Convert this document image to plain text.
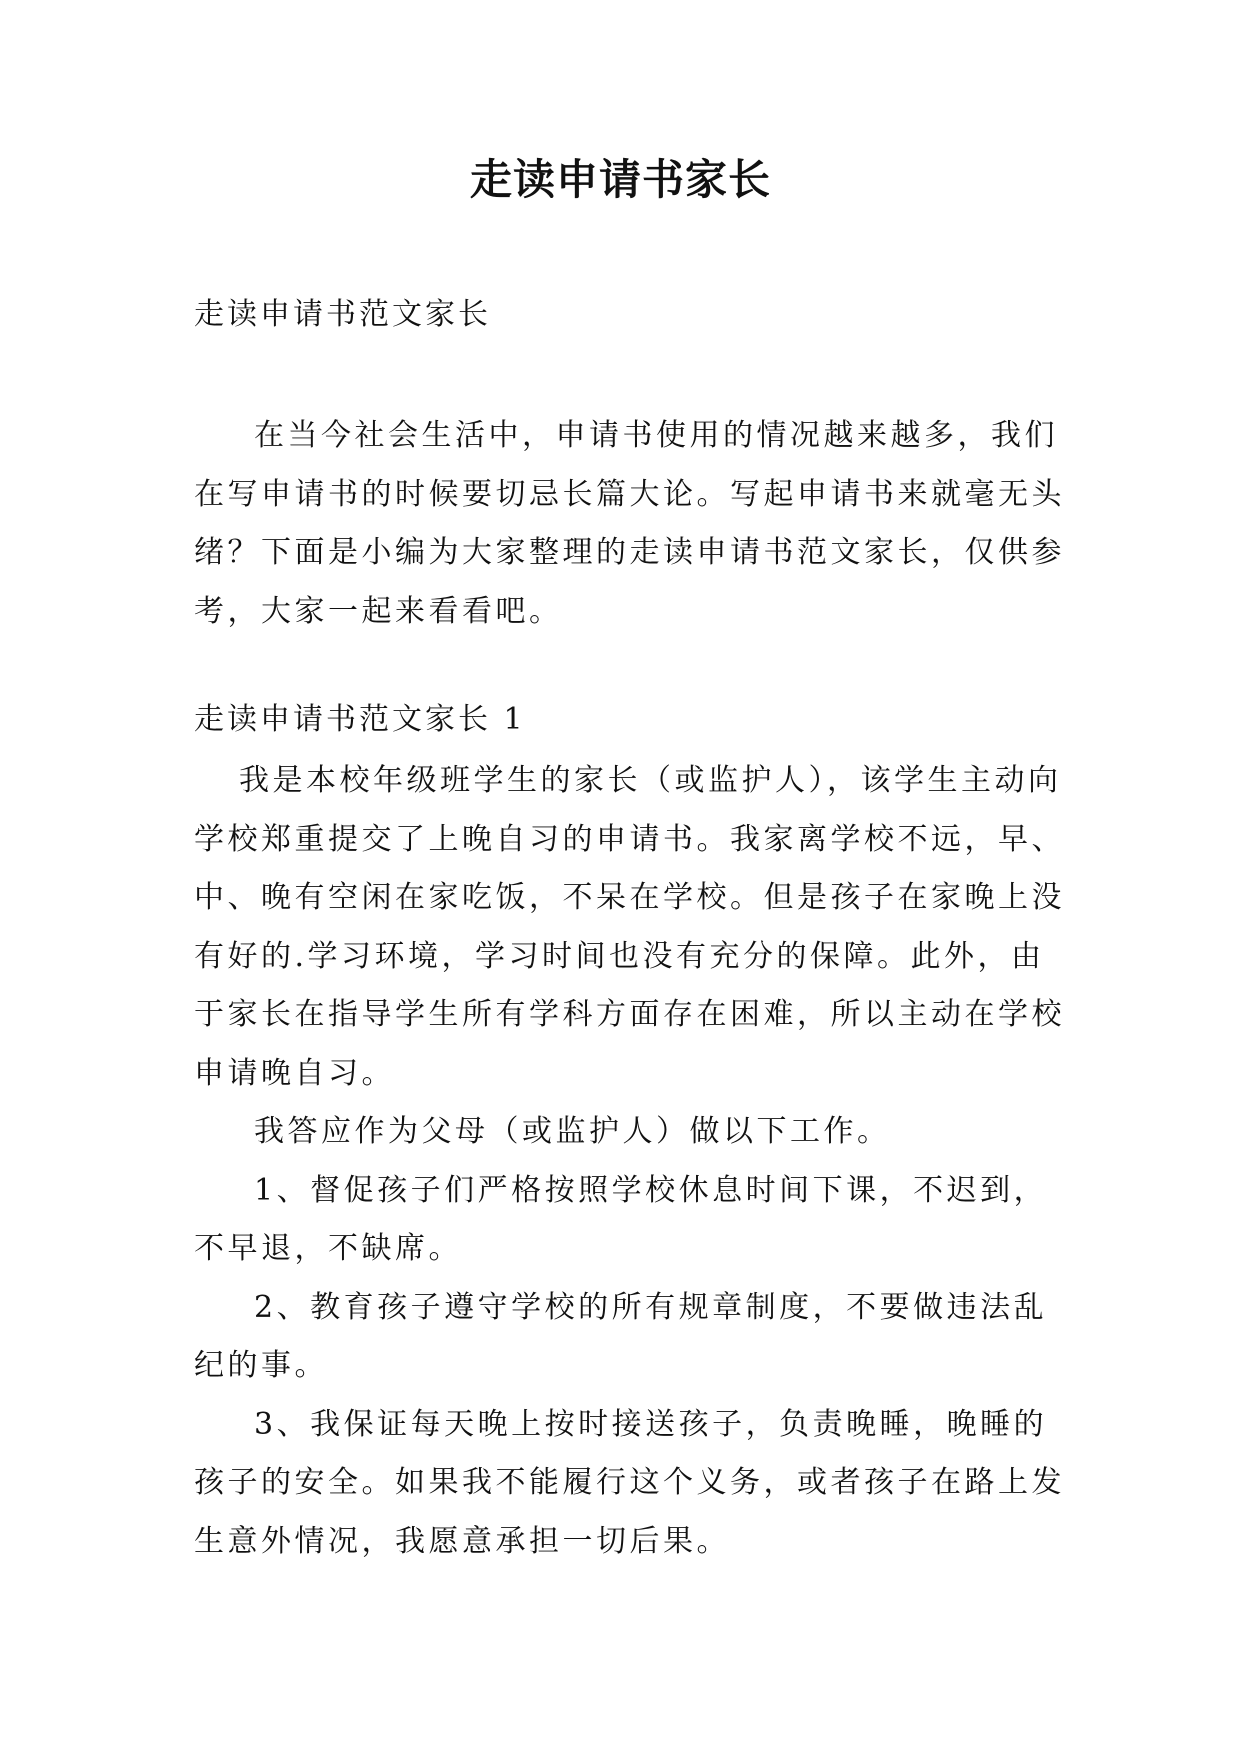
走读申请书家长
走读申请书范文家长

在当今社会生活中，申请书使用的情况越来越多，我们在写申请书的时候要切忌长篇大论。写起申请书来就毫无头绪？下面是小编为大家整理的走读申请书范文家长，仅供参考，大家一起来看看吧。

走读申请书范文家长 1

我是本校年级班学生的家长（或监护人），该学生主动向学校郑重提交了上晚自习的申请书。我家离学校不远，早、中、晚有空闲在家吃饭，不呆在学校。但是孩子在家晚上没有好的.学习环境，学习时间也没有充分的保障。此外，由于家长在指导学生所有学科方面存在困难，所以主动在学校申请晚自习。

我答应作为父母（或监护人）做以下工作。

1、督促孩子们严格按照学校休息时间下课，不迟到，不早退，不缺席。

2、教育孩子遵守学校的所有规章制度，不要做违法乱纪的事。

3、我保证每天晚上按时接送孩子，负责晚睡，晚睡的孩子的安全。如果我不能履行这个义务，或者孩子在路上发生意外情况，我愿意承担一切后果。
